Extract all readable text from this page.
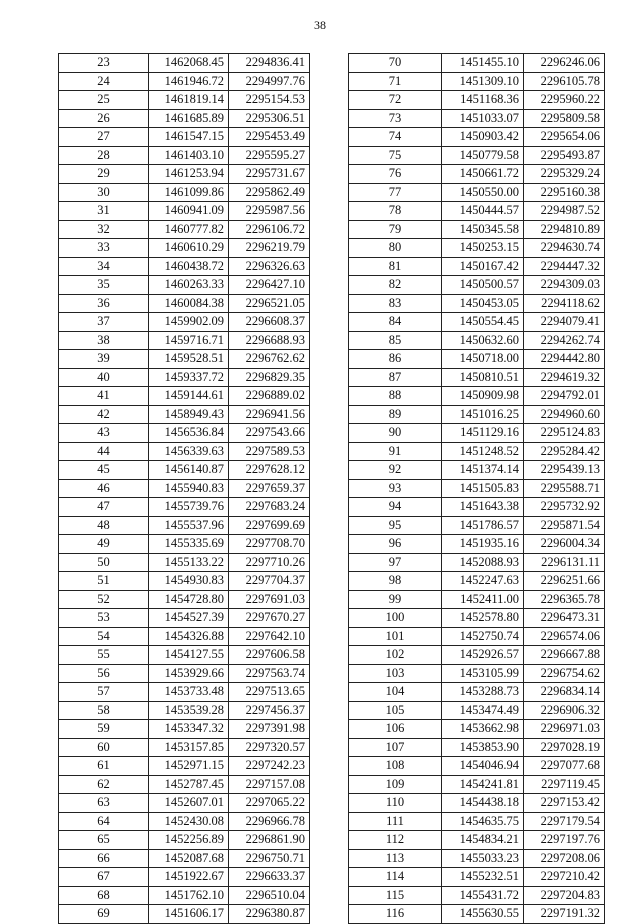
38
23	1462068.45	2294836.41
24	1461946.72	2294997.76
25	1461819.14	2295154.53
26	1461685.89	2295306.51
27	1461547.15	2295453.49
28	1461403.10	2295595.27
29	1461253.94	2295731.67
30	1461099.86	2295862.49
31	1460941.09	2295987.56
32	1460777.82	2296106.72
33	1460610.29	2296219.79
34	1460438.72	2296326.63
35	1460263.33	2296427.10
36	1460084.38	2296521.05
37	1459902.09	2296608.37
38	1459716.71	2296688.93
39	1459528.51	2296762.62
40	1459337.72	2296829.35
41	1459144.61	2296889.02
42	1458949.43	2296941.56
43	1456536.84	2297543.66
44	1456339.63	2297589.53
45	1456140.87	2297628.12
46	1455940.83	2297659.37
47	1455739.76	2297683.24
48	1455537.96	2297699.69
49	1455335.69	2297708.70
50	1455133.22	2297710.26
51	1454930.83	2297704.37
52	1454728.80	2297691.03
53	1454527.39	2297670.27
54	1454326.88	2297642.10
55	1454127.55	2297606.58
56	1453929.66	2297563.74
57	1453733.48	2297513.65
58	1453539.28	2297456.37
59	1453347.32	2297391.98
60	1453157.85	2297320.57
61	1452971.15	2297242.23
62	1452787.45	2297157.08
63	1452607.01	2297065.22
64	1452430.08	2296966.78
65	1452256.89	2296861.90
66	1452087.68	2296750.71
67	1451922.67	2296633.37
68	1451762.10	2296510.04
69	1451606.17	2296380.87
70	1451455.10	2296246.06
71	1451309.10	2296105.78
72	1451168.36	2295960.22
73	1451033.07	2295809.58
74	1450903.42	2295654.06
75	1450779.58	2295493.87
76	1450661.72	2295329.24
77	1450550.00	2295160.38
78	1450444.57	2294987.52
79	1450345.58	2294810.89
80	1450253.15	2294630.74
81	1450167.42	2294447.32
82	1450500.57	2294309.03
83	1450453.05	2294118.62
84	1450554.45	2294079.41
85	1450632.60	2294262.74
86	1450718.00	2294442.80
87	1450810.51	2294619.32
88	1450909.98	2294792.01
89	1451016.25	2294960.60
90	1451129.16	2295124.83
91	1451248.52	2295284.42
92	1451374.14	2295439.13
93	1451505.83	2295588.71
94	1451643.38	2295732.92
95	1451786.57	2295871.54
96	1451935.16	2296004.34
97	1452088.93	2296131.11
98	1452247.63	2296251.66
99	1452411.00	2296365.78
100	1452578.80	2296473.31
101	1452750.74	2296574.06
102	1452926.57	2296667.88
103	1453105.99	2296754.62
104	1453288.73	2296834.14
105	1453474.49	2296906.32
106	1453662.98	2296971.03
107	1453853.90	2297028.19
108	1454046.94	2297077.68
109	1454241.81	2297119.45
110	1454438.18	2297153.42
111	1454635.75	2297179.54
112	1454834.21	2297197.76
113	1455033.23	2297208.06
114	1455232.51	2297210.42
115	1455431.72	2297204.83
116	1455630.55	2297191.32
